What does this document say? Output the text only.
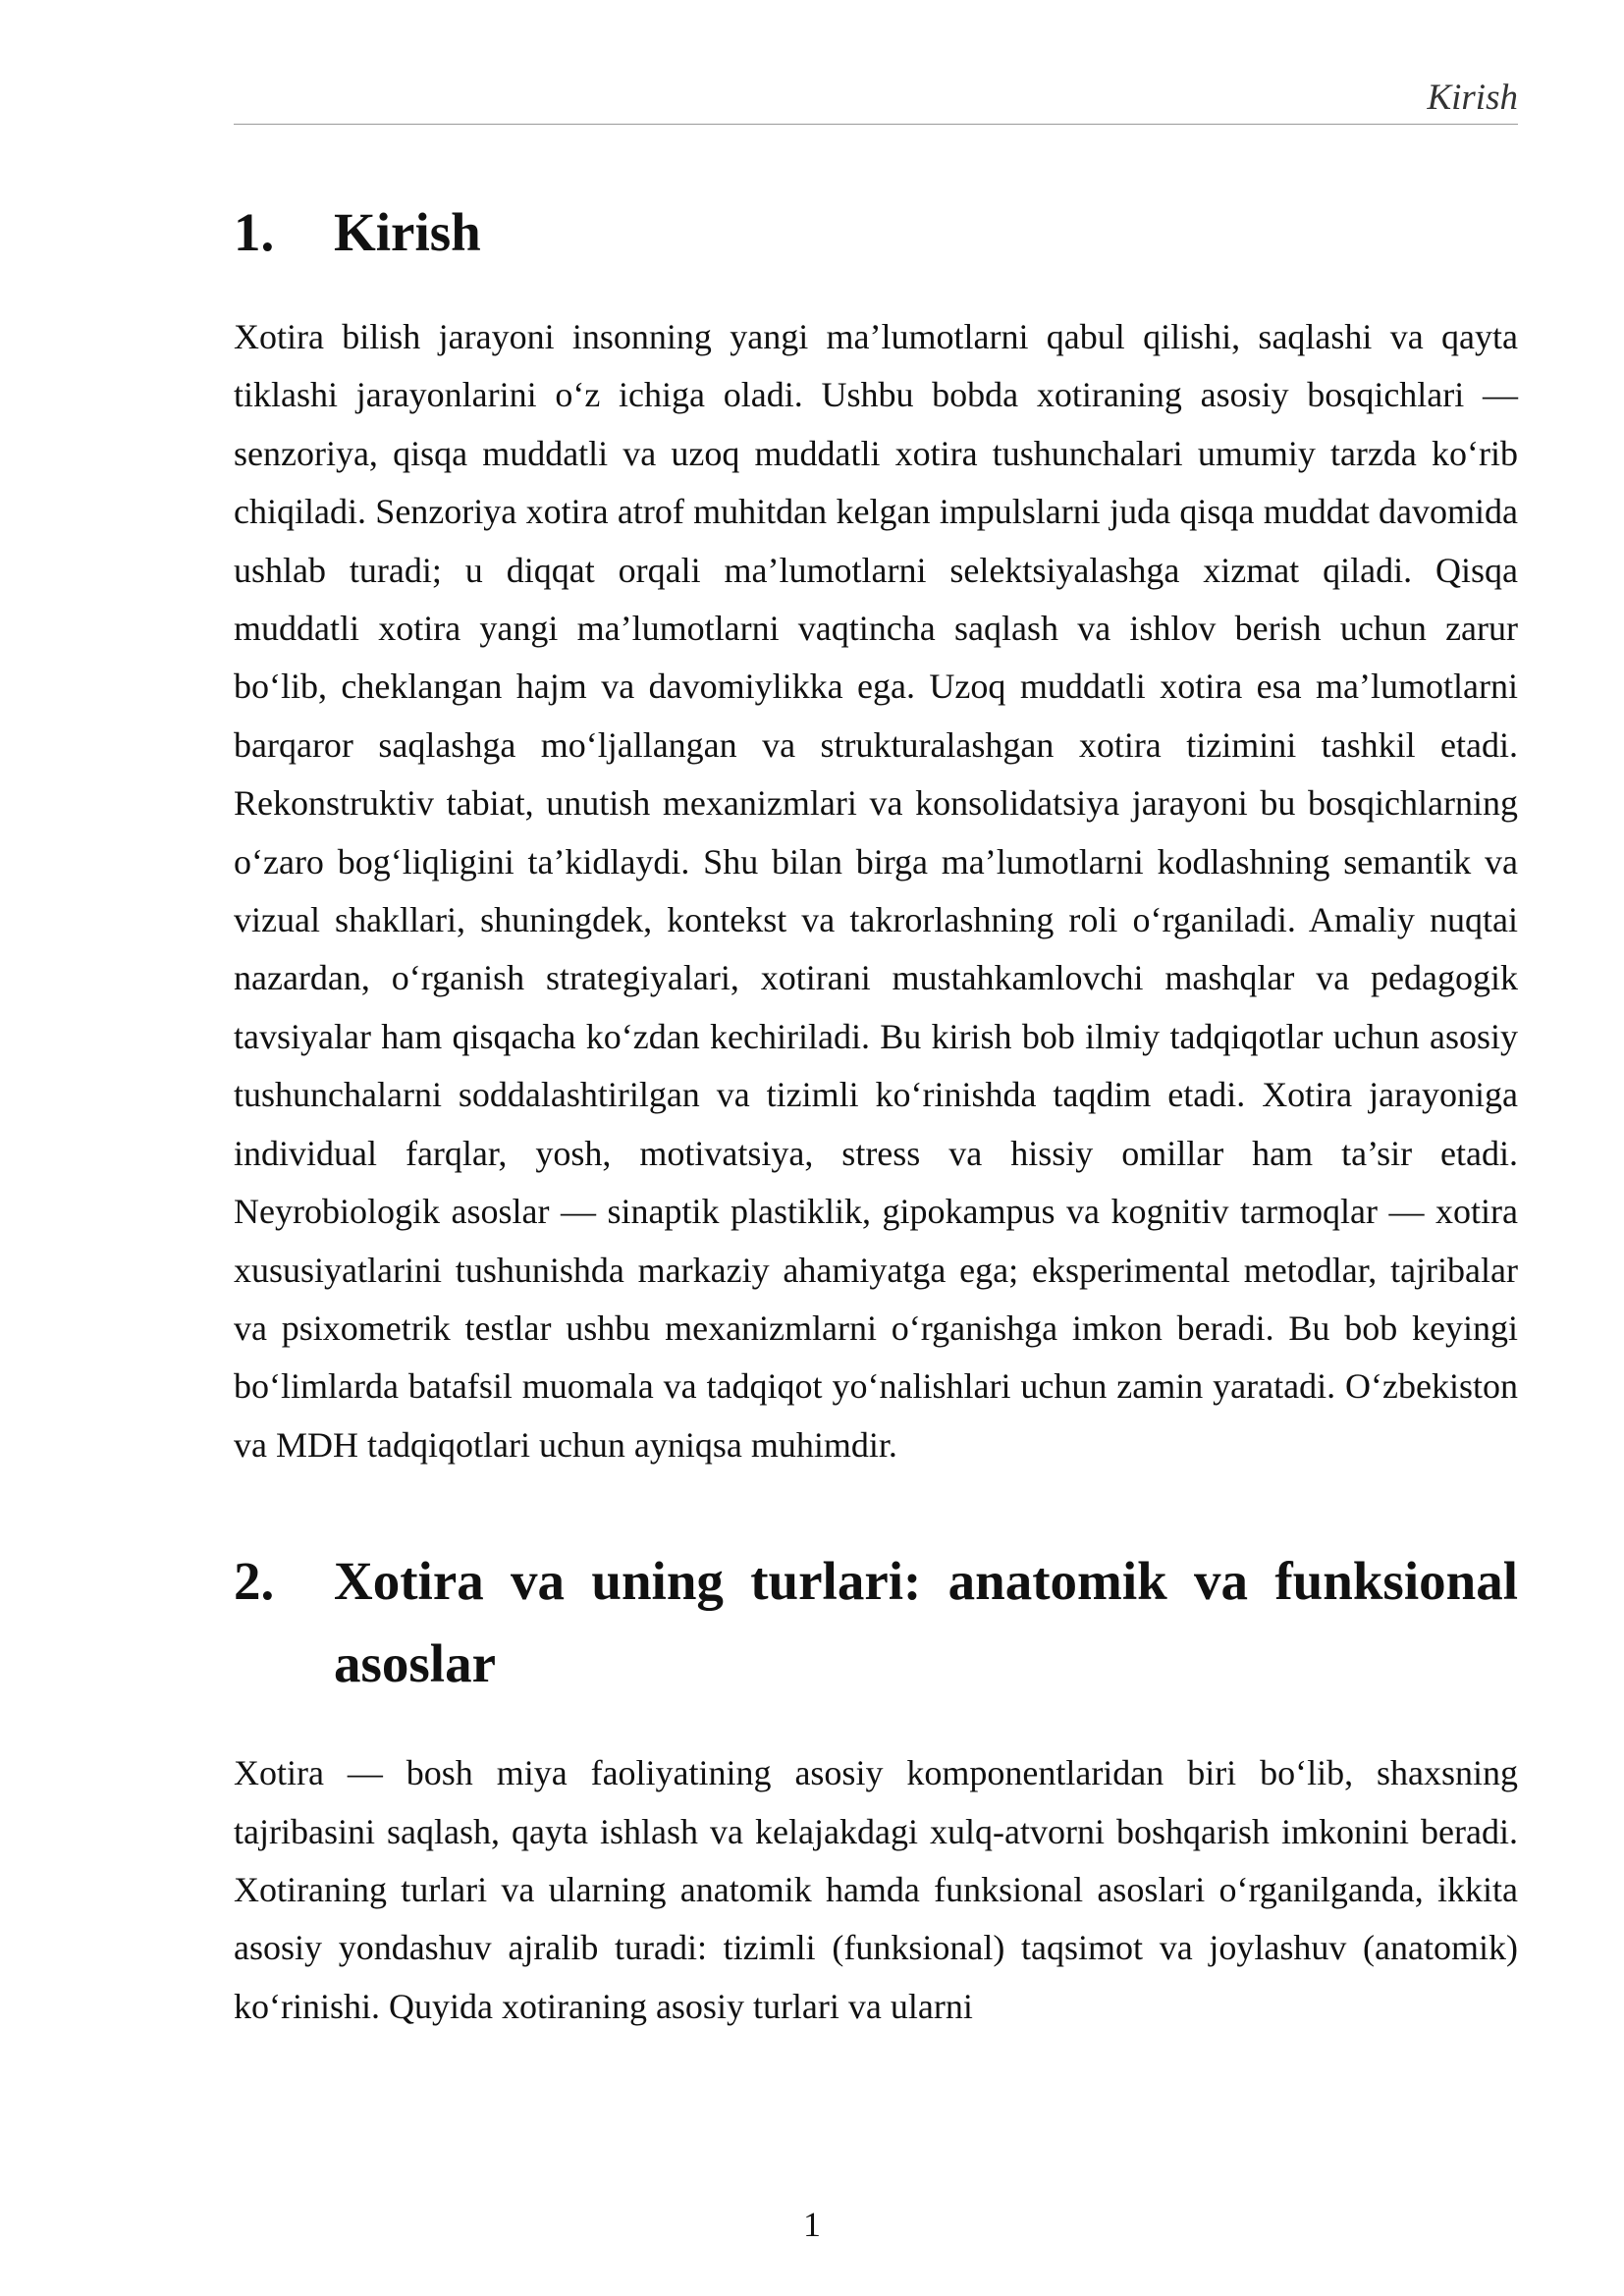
Kirish
1.	Kirish

Xotira bilish jarayoni insonning yangi ma’lumotlarni qabul qilishi, saqlashi va qayta tiklashi jarayonlarini o‘z ichiga oladi. Ushbu bobda xotiraning asosiy bosqichlari — senzoriya, qisqa muddatli va uzoq muddatli xotira tushunchalari umumiy tarzda ko‘rib chiqiladi. Senzoriya xotira atrof muhitdan kelgan impulslarni juda qisqa muddat davomida ushlab turadi; u diqqat orqali ma’lumotlarni selektsiyalashga xizmat qiladi. Qisqa muddatli xotira yangi ma’lumotlarni vaqtincha saqlash va ishlov berish uchun zarur bo‘lib, cheklangan hajm va davomiylikka ega. Uzoq muddatli xotira esa ma’lumotlarni barqaror saqlashga mo‘ljallangan va strukturalashgan xotira tizimini tashkil etadi. Rekonstruktiv tabiat, unutish mexanizmlari va konsolidatsiya jarayoni bu bosqichlarning o‘zaro bog‘liqligini ta’kidlaydi. Shu bilan birga ma’lumotlarni kodlashning semantik va vizual shakllari, shuningdek, kontekst va takrorlashning roli o‘rganiladi. Amaliy nuqtai nazardan, o‘rganish strategiyalari, xotirani mustahkamlovchi mashqlar va pedagogik tavsiyalar ham qisqacha ko‘zdan kechiriladi. Bu kirish bob ilmiy tadqiqotlar uchun asosiy tushunchalarni soddalashtirilgan va tizimli ko‘rinishda taqdim etadi. Xotira jarayoniga individual farqlar, yosh, motivatsiya, stress va hissiy omillar ham ta’sir etadi. Neyrobiologik asoslar — sinaptik plastiklik, gipokampus va kognitiv tarmoqlar — xotira xususiyatlarini tushunishda markaziy ahamiyatga ega; eksperimental metodlar, tajribalar va psixometrik testlar ushbu mexanizmlarni o‘rganishga imkon beradi. Bu bob keyingi bo‘limlarda batafsil muomala va tadqiqot yo‘nalishlari uchun zamin yaratadi. O‘zbekiston va MDH tadqiqotlari uchun ayniqsa muhimdir.

2.	Xotira va uning turlari: anatomik va funksional asoslar

Xotira — bosh miya faoliyatining asosiy komponentlaridan biri bo‘lib, shaxsning tajribasini saqlash, qayta ishlash va kelajakdagi xulq-atvorni boshqarish imkonini beradi. Xotiraning turlari va ularning anatomik hamda funksional asoslari o‘rganilganda, ikkita asosiy yondashuv ajralib turadi: tizimli (funksional) taqsimot va joylashuv (anatomik) ko‘rinishi. Quyida xotiraning asosiy turlari va ularni

1
